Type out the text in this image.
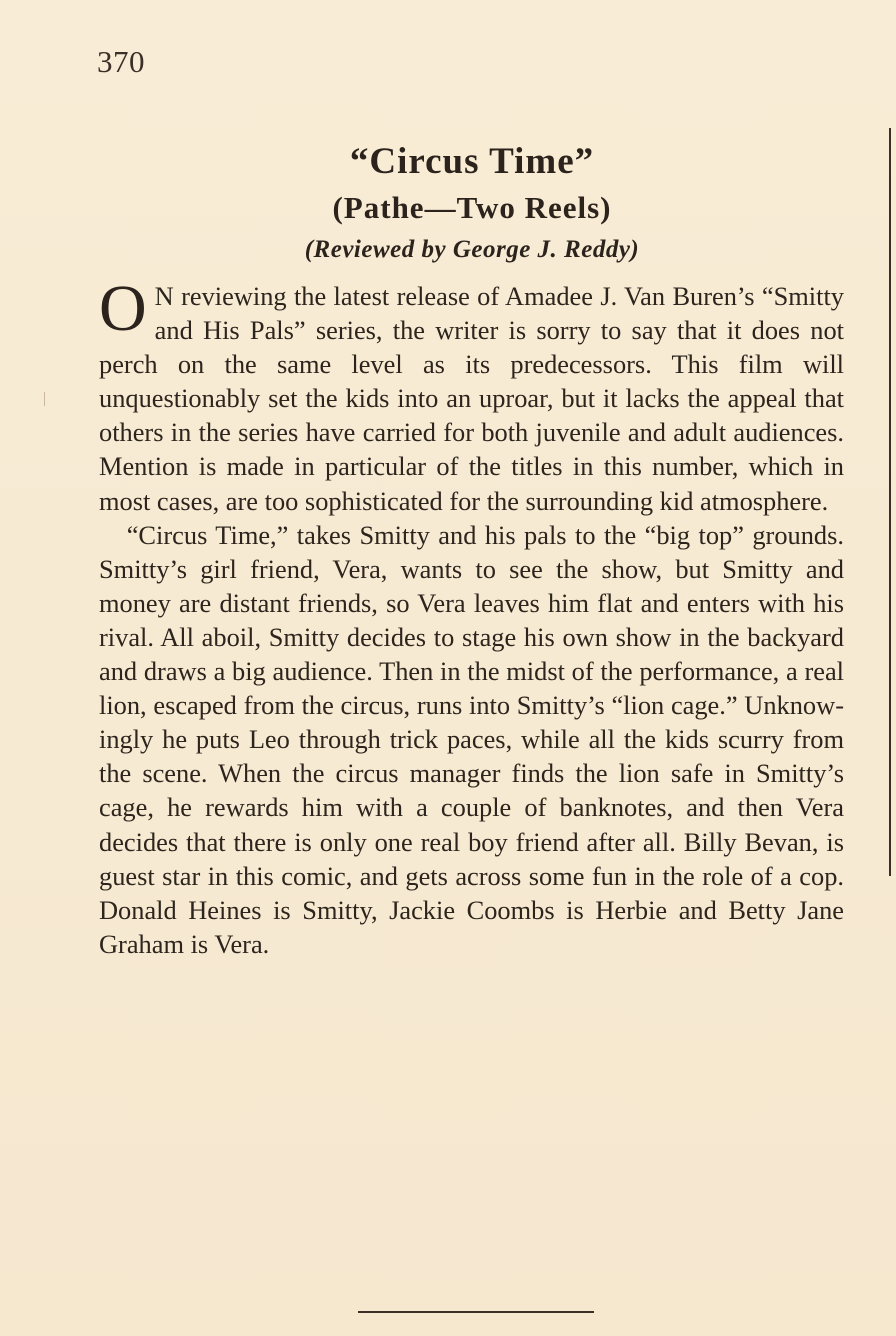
370
“Circus Time”
(Pathe—Two Reels)
(Reviewed by George J. Reddy)

O N reviewing the latest release of Amadee J. Van Buren’s “Smitty and His Pals” series, the writer is sorry to say that it does not perch on the same level as its predecessors. This film will unquestionably set the kids into an uproar, but it lacks the appeal that others in the series have carried for both juvenile and adult audiences. Mention is made in particular of the titles in this number, which in most cases, are too sophisticated for the surrounding kid atmosphere.

“Circus Time,” takes Smitty and his pals to the “big top” grounds. Smitty’s girl friend, Vera, wants to see the show, but Smitty and money are distant friends, so Vera leaves him flat and enters with his rival. All aboil, Smitty decides to stage his own show in the backyard and draws a big audience. Then in the midst of the performance, a real lion, escaped from the circus, runs into Smitty’s “lion cage.” Unknowingly he puts Leo through trick paces, while all the kids scurry from the scene. When the circus manager finds the lion safe in Smitty’s cage, he rewards him with a couple of banknotes, and then Vera decides that there is only one real boy friend after all. Billy Bevan, is guest star in this comic, and gets across some fun in the role of a cop. Donald Heines is Smitty, Jackie Coombs is Herbie and Betty Jane Graham is Vera.
